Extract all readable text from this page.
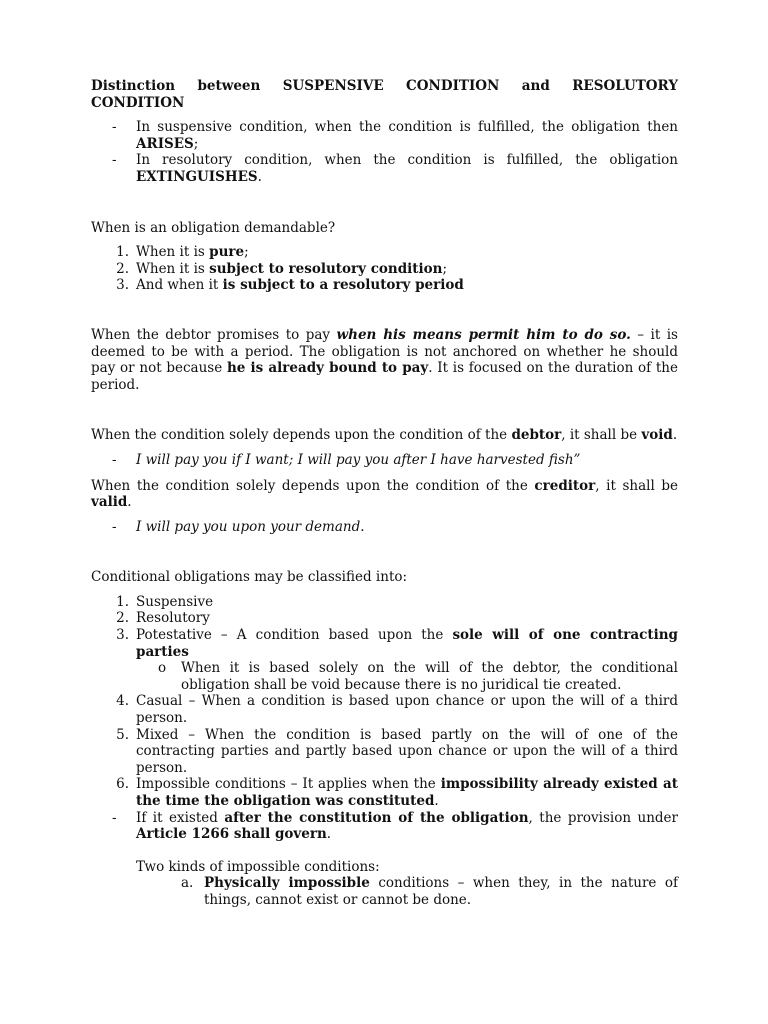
Distinction between SUSPENSIVE CONDITION and RESOLUTORY CONDITION

- In suspensive condition, when the condition is fulfilled, the obligation then ARISES;
- In resolutory condition, when the condition is fulfilled, the obligation EXTINGUISHES.

When is an obligation demandable?

1. When it is pure;
2. When it is subject to resolutory condition;
3. And when it is subject to a resolutory period

When the debtor promises to pay when his means permit him to do so. – it is deemed to be with a period. The obligation is not anchored on whether he should pay or not because he is already bound to pay. It is focused on the duration of the period.

When the condition solely depends upon the condition of the debtor, it shall be void.

- I will pay you if I want; I will pay you after I have harvested fish”

When the condition solely depends upon the condition of the creditor, it shall be valid.

- I will pay you upon your demand.

Conditional obligations may be classified into:

1. Suspensive
2. Resolutory
3. Potestative – A condition based upon the sole will of one contracting parties
o When it is based solely on the will of the debtor, the conditional obligation shall be void because there is no juridical tie created.
4. Casual – When a condition is based upon chance or upon the will of a third person.
5. Mixed – When the condition is based partly on the will of one of the contracting parties and partly based upon chance or upon the will of a third person.
6. Impossible conditions – It applies when the impossibility already existed at the time the obligation was constituted.
- If it existed after the constitution of the obligation, the provision under Article 1266 shall govern.

Two kinds of impossible conditions:

a. Physically impossible conditions – when they, in the nature of things, cannot exist or cannot be done.
